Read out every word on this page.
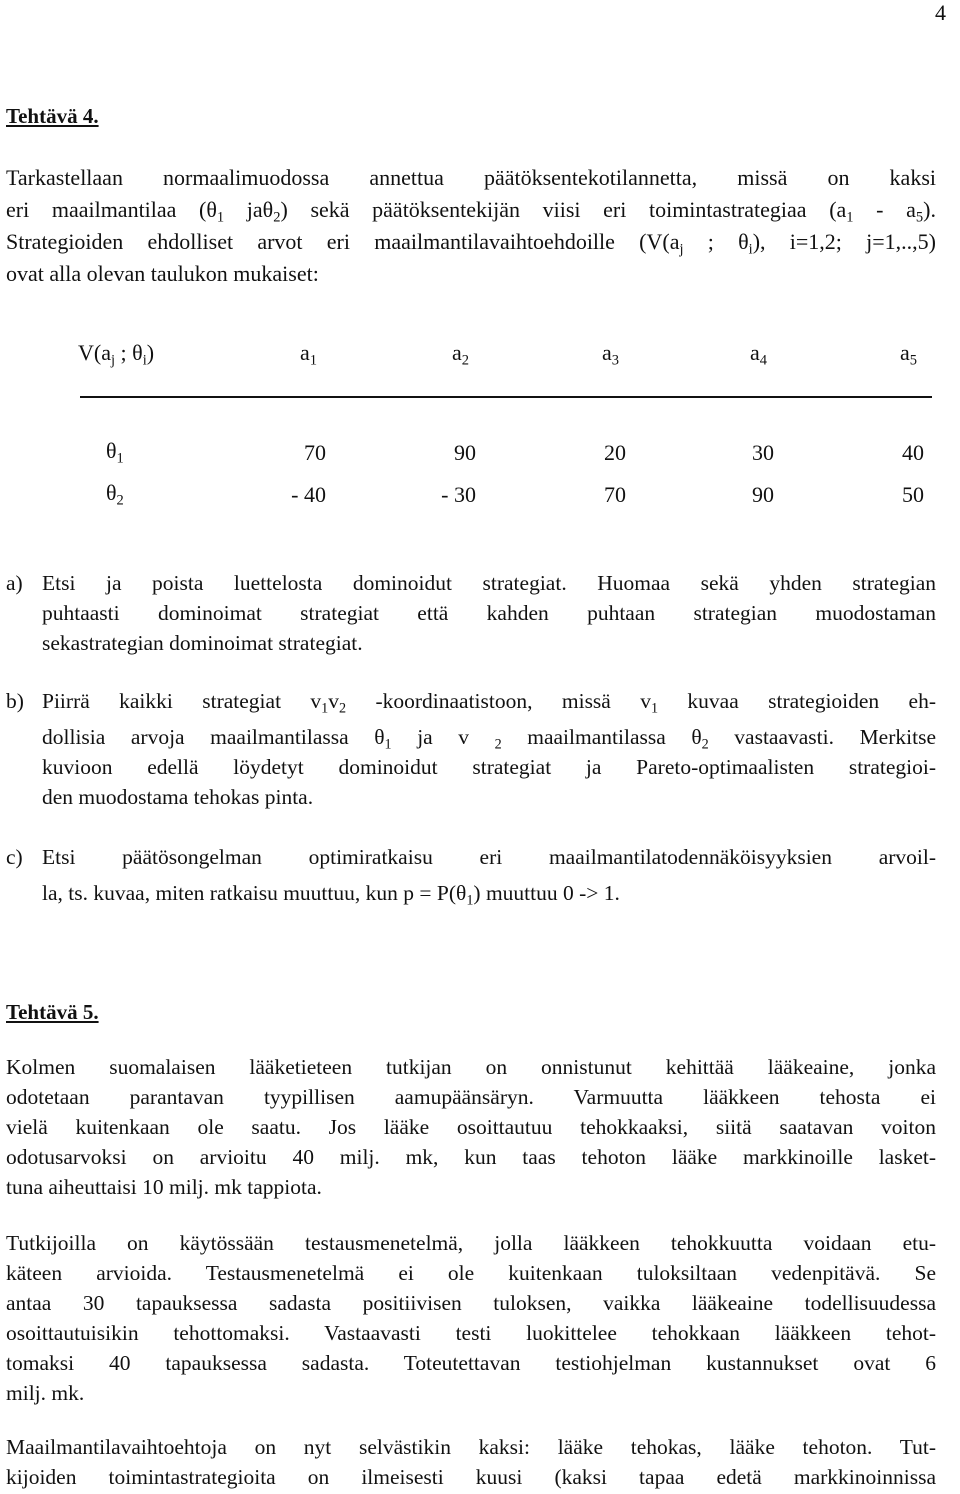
4
Tehtävä 4.
Tarkastellaan normaalimuodossa annettua päätöksentekotilannetta, missä on kaksi
eri maailmantilaa ($\theta_1$ jaθ$_2$) sekä päätöksentekijän viisi eri toimintastrategiaa $(a_1 - a_5)$.
Strategioiden ehdolliset arvot eri maailmantilavaihtoehdoille ($V(a_j$ ; $\theta_i$), i=1,2; j=1,..,5)
ovat alla olevan taulukon mukaiset:
$V(a_j$ ; $\theta_i$)	$a_1$	$a_2$	$a_3$	$a_4$	$a_5$
$\theta_1$	70	90	20	30	40
$\theta_2$	- 40	- 30	70	90	50
a) Etsi ja poista luettelosta dominoidut strategiat. Huomaa sekä yhden strategian
puhtaasti dominoimat strategiat että kahden puhtaan strategian muodostaman
sekastrategian dominoimat strategiat.
b) Piirrä kaikki strategiat $v_1v_2$ -koordinaatistoon, missä $v_1$ kuvaa strategioiden eh-
dollisia arvoja maailmantilassa $\theta_1$ ja v $_2$ maailmantilassa $\theta_2$ vastaavasti. Merkitse
kuvioon edellä löydetyt dominoidut strategiat ja Pareto-optimaalisten strategioi-
den muodostama tehokas pinta.
c) Etsi päätösongelman optimiratkaisu eri maailmantilatodennäköisyyksien arvoil-
la, ts. kuvaa, miten ratkaisu muuttuu, kun $p = P(\theta_1)$ muuttuu 0 -> 1.
Tehtävä 5.
Kolmen suomalaisen lääketieteen tutkijan on onnistunut kehittää lääkeaine, jonka
odotetaan parantavan tyypillisen aamupäänsäryn. Varmuutta lääkkeen tehosta ei
vielä kuitenkaan ole saatu. Jos lääke osoittautuu tehokkaaksi, siitä saatavan voiton
odotusarvoksi on arvioitu 40 milj. mk, kun taas tehoton lääke markkinoille lasket-
tuna aiheuttaisi 10 milj. mk tappiota.
Tutkijoilla on käytössään testausmenetelmä, jolla lääkkeen tehokkuutta voidaan etu-
käteen arvioida. Testausmenetelmä ei ole kuitenkaan tuloksiltaan vedenpitävä. Se
antaa 30 tapauksessa sadasta positiivisen tuloksen, vaikka lääkeaine todellisuudessa
osoittautuisikin tehottomaksi. Vastaavasti testi luokittelee tehokkaan lääkkeen tehot-
tomaksi 40 tapauksessa sadasta. Toteutettavan testiohjelman kustannukset ovat 6
milj. mk.
Maailmantilavaihtoehtoja on nyt selvästikin kaksi: lääke tehokas, lääke tehoton. Tut-
kijoiden toimintastrategioita on ilmeisesti kuusi (kaksi tapaa edetä markkinoinnissa
